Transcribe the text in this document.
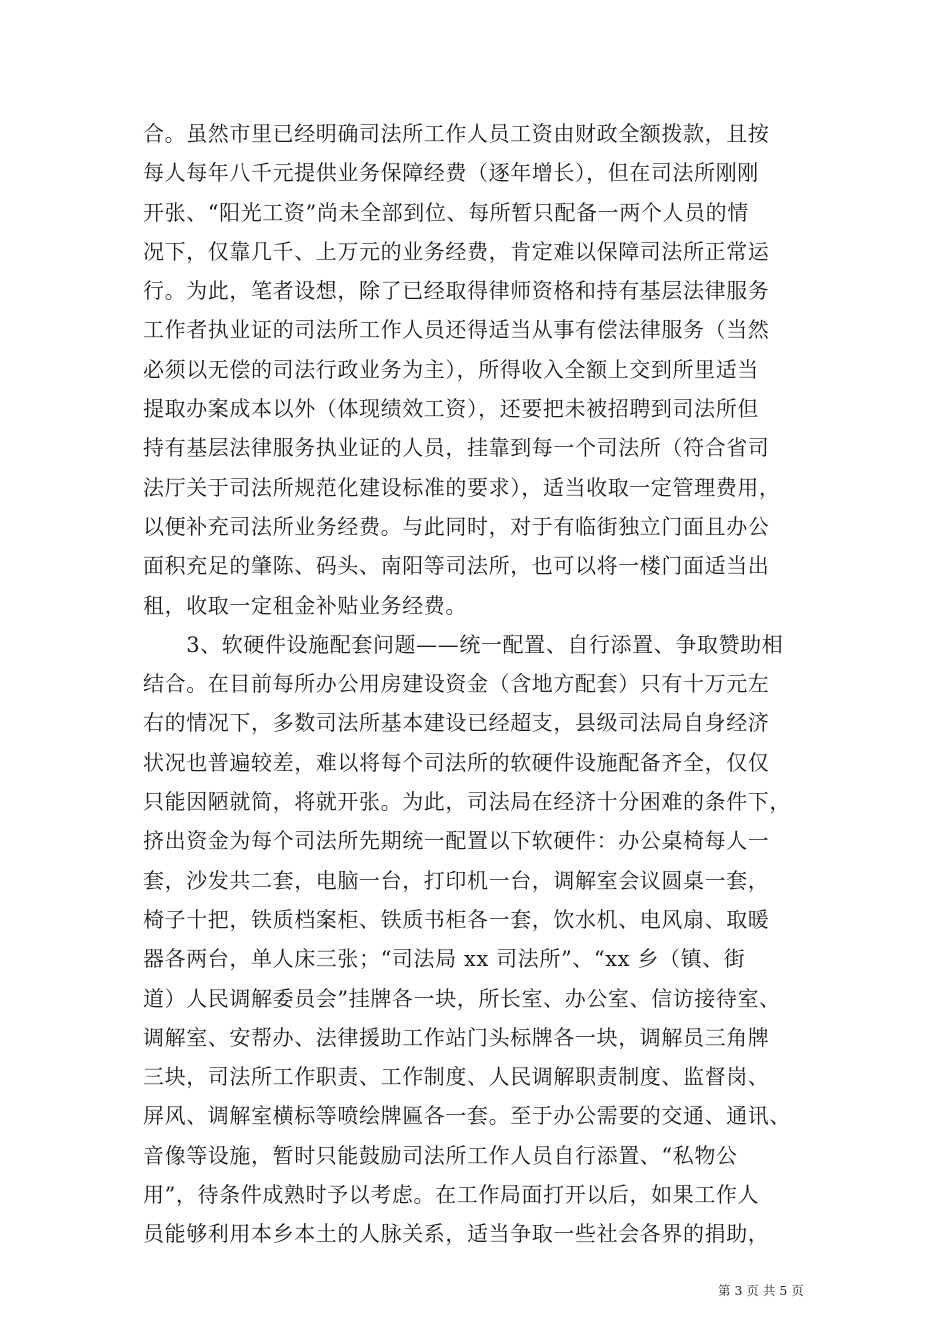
合。虽然市里已经明确司法所工作人员工资由财政全额拨款，且按
每人每年八千元提供业务保障经费（逐年增长），但在司法所刚刚
开张、“阳光工资”尚未全部到位、每所暂只配备一两个人员的情
况下，仅靠几千、上万元的业务经费，肯定难以保障司法所正常运
行。为此，笔者设想，除了已经取得律师资格和持有基层法律服务
工作者执业证的司法所工作人员还得适当从事有偿法律服务（当然
必须以无偿的司法行政业务为主），所得收入全额上交到所里适当
提取办案成本以外（体现绩效工资），还要把未被招聘到司法所但
持有基层法律服务执业证的人员，挂靠到每一个司法所（符合省司
法厅关于司法所规范化建设标准的要求），适当收取一定管理费用，
以便补充司法所业务经费。与此同时，对于有临街独立门面且办公
面积充足的肇陈、码头、南阳等司法所，也可以将一楼门面适当出
租，收取一定租金补贴业务经费。
　　3、软硬件设施配套问题——统一配置、自行添置、争取赞助相
结合。在目前每所办公用房建设资金（含地方配套）只有十万元左
右的情况下，多数司法所基本建设已经超支，县级司法局自身经济
状况也普遍较差，难以将每个司法所的软硬件设施配备齐全，仅仅
只能因陋就简，将就开张。为此，司法局在经济十分困难的条件下，
挤出资金为每个司法所先期统一配置以下软硬件：办公桌椅每人一
套，沙发共二套，电脑一台，打印机一台，调解室会议圆桌一套，
椅子十把，铁质档案柜、铁质书柜各一套，饮水机、电风扇、取暖
器各两台，单人床三张；“司法局 xx 司法所”、“xx 乡（镇、街
道）人民调解委员会”挂牌各一块，所长室、办公室、信访接待室、
调解室、安帮办、法律援助工作站门头标牌各一块，调解员三角牌
三块，司法所工作职责、工作制度、人民调解职责制度、监督岗、
屏风、调解室横标等喷绘牌匾各一套。至于办公需要的交通、通讯、
音像等设施，暂时只能鼓励司法所工作人员自行添置、“私物公
用”，待条件成熟时予以考虑。在工作局面打开以后，如果工作人
员能够利用本乡本土的人脉关系，适当争取一些社会各界的捐助，
第 3 页 共 5 页
